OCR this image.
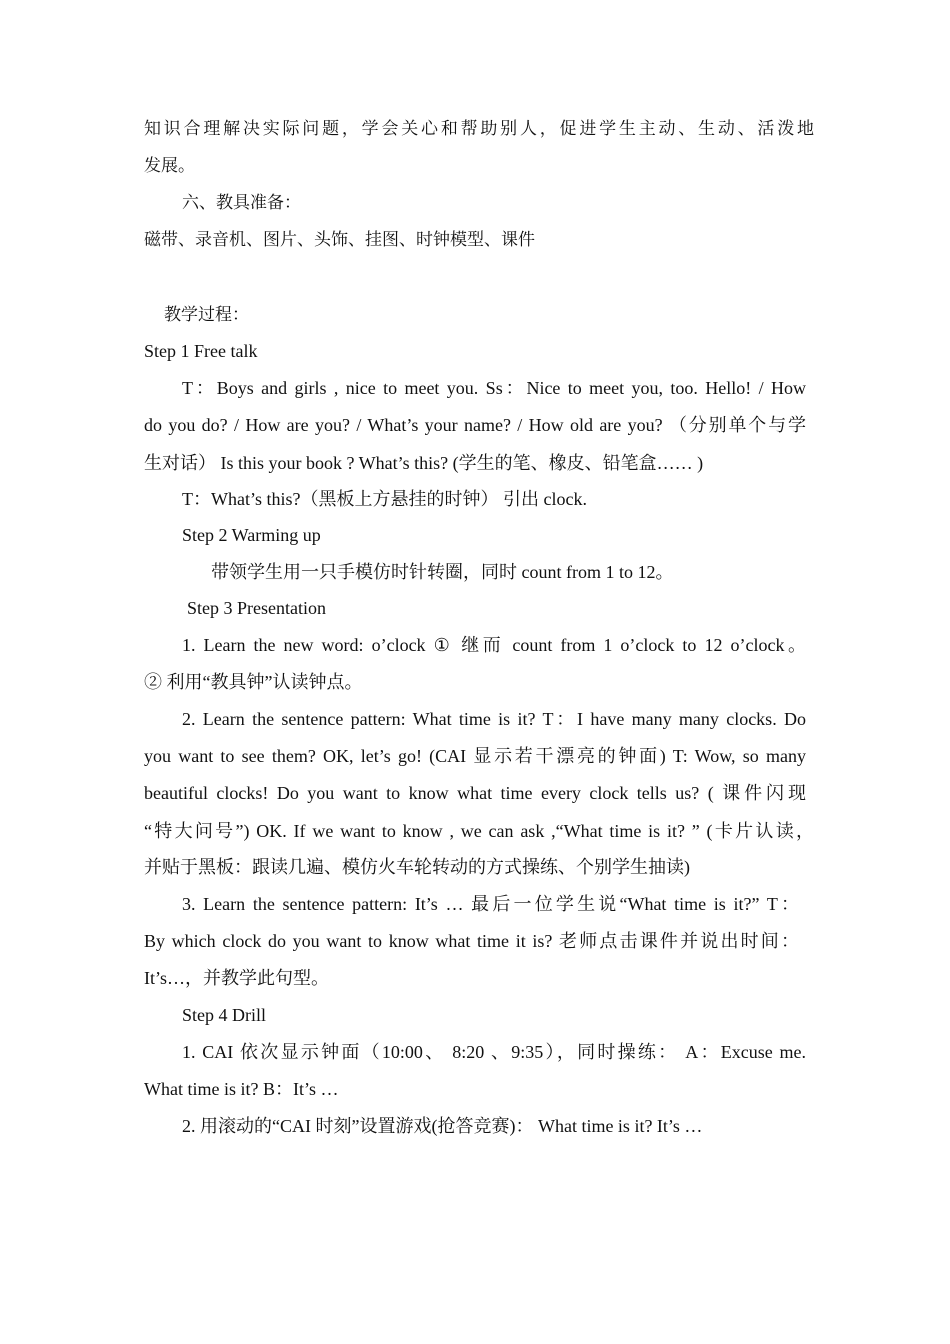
知识合理解决实际问题，学会关心和帮助别人，促进学生主动、生动、活泼地
发展。
六、教具准备：
磁带、录音机、图片、头饰、挂图、时钟模型、课件
教学过程：
Step 1 Free talk
T：Boys and girls , nice to meet you. Ss：Nice to meet you, too. Hello! / How
do you do? / How are you? / What’s your name? / How old are you? （分别单个与学
生对话） Is this your book ? What’s this? (学生的笔、橡皮、铅笔盒…… )
T：What’s this?（黑板上方悬挂的时钟） 引出 clock.
Step 2 Warming up
带领学生用一只手模仿时针转圈，同时 count from 1 to 12。
Step 3 Presentation
1. Learn the new word: o’clock ① 继而 count from 1 o’clock to 12 o’clock。
② 利用“教具钟”认读钟点。
2. Learn the sentence pattern: What time is it? T：I have many many clocks. Do
you want to see them? OK, let’s go! (CAI 显示若干漂亮的钟面) T: Wow, so many
beautiful clocks! Do you want to know what time every clock tells us? ( 课件闪现
“特大问号”) OK. If we want to know , we can ask ,“What time is it? ” (卡片认读，
并贴于黑板：跟读几遍、模仿火车轮转动的方式操练、个别学生抽读)
3. Learn the sentence pattern: It’s … 最后一位学生说“What time is it?” T：
By which clock do you want to know what time it is? 老师点击课件并说出时间：
It’s…，并教学此句型。
Step 4 Drill
1. CAI 依次显示钟面（10:00、 8:20 、9:35），同时操练： A：Excuse me.
What time is it? B：It’s …
2. 用滚动的“CAI 时刻”设置游戏(抢答竞赛)： What time is it? It’s …
